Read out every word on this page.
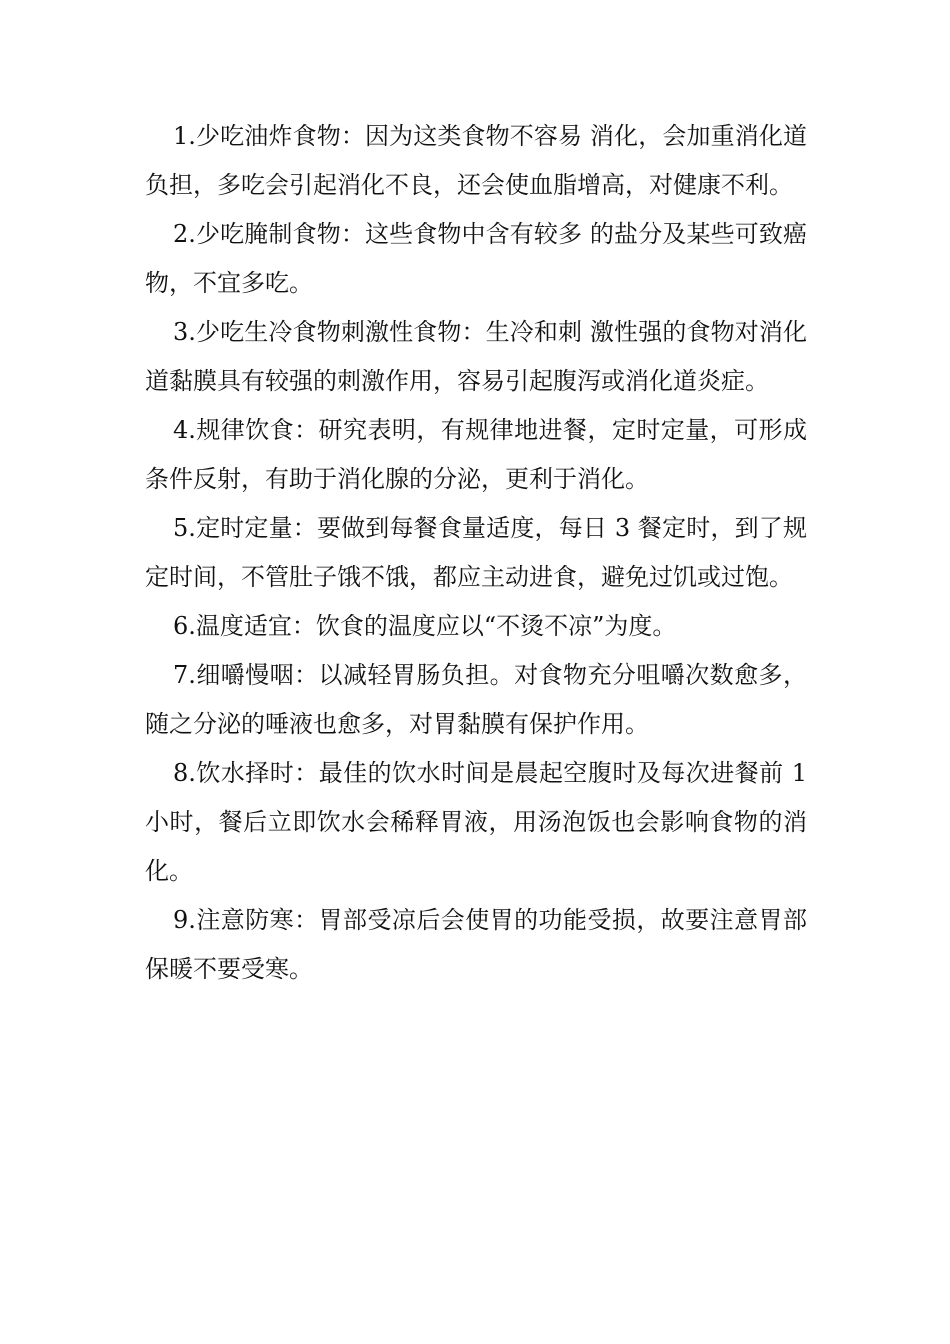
1.少吃油炸食物：因为这类食物不容易 消化，会加重消化道负担，多吃会引起消化不良，还会使血脂增高，对健康不利。

2.少吃腌制食物：这些食物中含有较多 的盐分及某些可致癌物，不宜多吃。

3.少吃生冷食物刺激性食物：生冷和刺 激性强的食物对消化道黏膜具有较强的刺激作用，容易引起腹泻或消化道炎症。

4.规律饮食：研究表明，有规律地进餐，定时定量，可形成条件反射，有助于消化腺的分泌，更利于消化。

5.定时定量：要做到每餐食量适度，每日 3 餐定时，到了规定时间，不管肚子饿不饿，都应主动进食，避免过饥或过饱。

6.温度适宜：饮食的温度应以“不烫不凉”为度。

7.细嚼慢咽：以减轻胃肠负担。对食物充分咀嚼次数愈多，随之分泌的唾液也愈多，对胃黏膜有保护作用。

8.饮水择时：最佳的饮水时间是晨起空腹时及每次进餐前 1 小时，餐后立即饮水会稀释胃液，用汤泡饭也会影响食物的消化。

9.注意防寒：胃部受凉后会使胃的功能受损，故要注意胃部保暖不要受寒。
